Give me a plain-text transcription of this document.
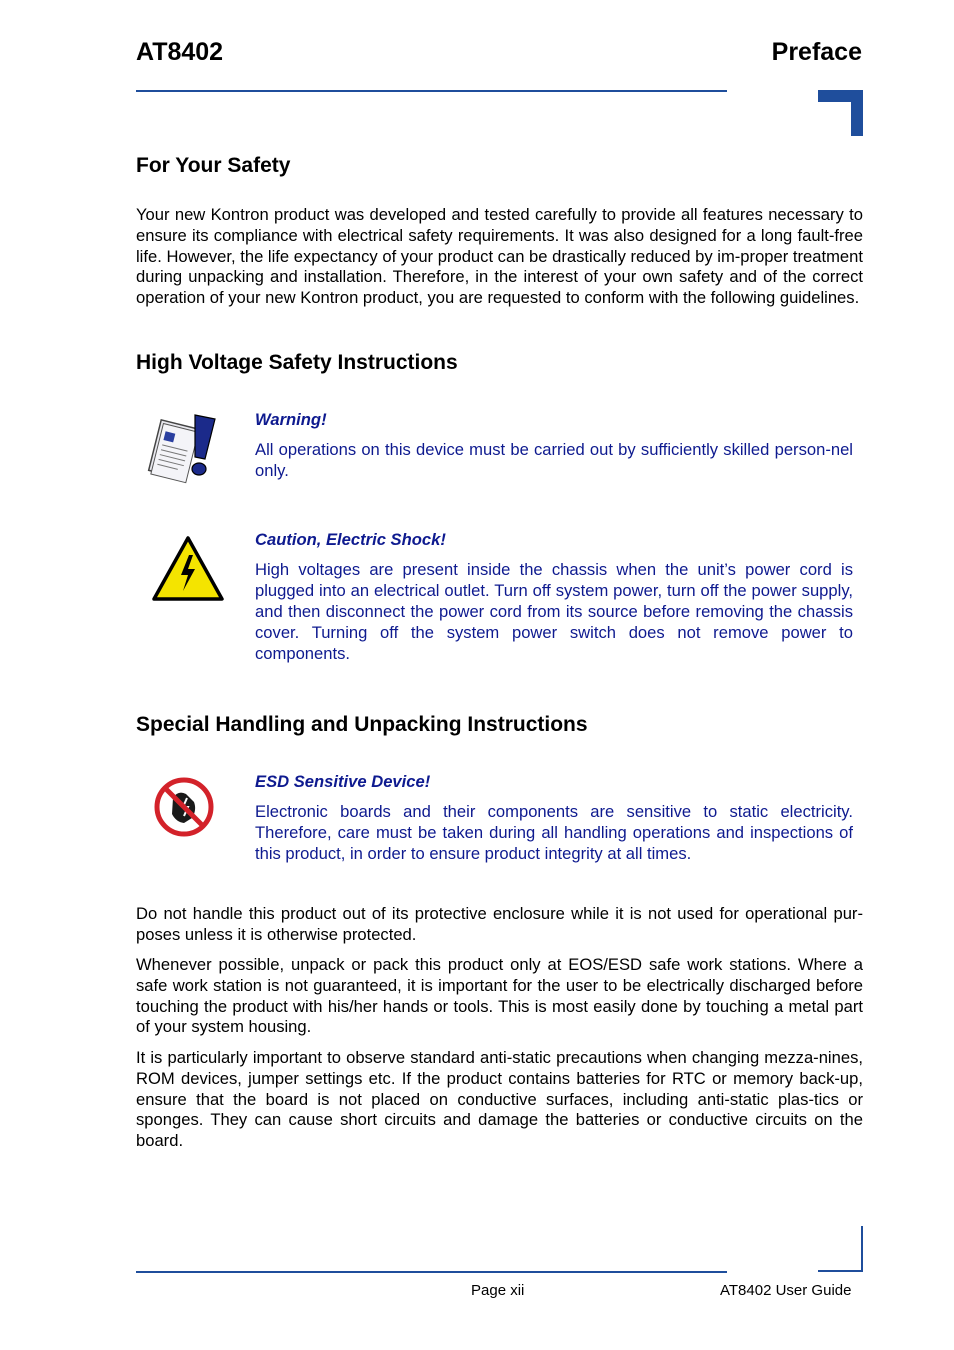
AT8402	Preface
For Your Safety

Your new Kontron product was developed and tested carefully to provide all features necessary to ensure its compliance with electrical safety requirements. It was also designed for a long fault-free life. However, the life expectancy of your product can be drastically reduced by im-proper treatment during unpacking and installation. Therefore, in the interest of your own safety and of the correct operation of your new Kontron product, you are requested to conform with the following guidelines.

High Voltage Safety Instructions

Warning!

All operations on this device must be carried out by sufficiently skilled person-nel only.

Caution, Electric Shock!

High voltages are present inside the chassis when the unit’s power cord is plugged into an electrical outlet. Turn off system power, turn off the power supply, and then disconnect the power cord from its source before removing the chassis cover. Turning off the system power switch does not remove power to components.

Special Handling and Unpacking Instructions

ESD Sensitive Device!

Electronic boards and their components are sensitive to static electricity. Therefore, care must be taken during all handling operations and inspections of this product, in order to ensure product integrity at all times.

Do not handle this product out of its protective enclosure while it is not used for operational pur-poses unless it is otherwise protected.

Whenever possible, unpack or pack this product only at EOS/ESD safe work stations. Where a safe work station is not guaranteed, it is important for the user to be electrically discharged before touching the product with his/her hands or tools. This is most easily done by touching a metal part of your system housing.

It is particularly important to observe standard anti-static precautions when changing mezza-nines, ROM devices, jumper settings etc. If the product contains batteries for RTC or memory back-up, ensure that the board is not placed on conductive surfaces, including anti-static plas-tics or sponges. They can cause short circuits and damage the batteries or conductive circuits on the board.

Page xii	AT8402 User Guide
